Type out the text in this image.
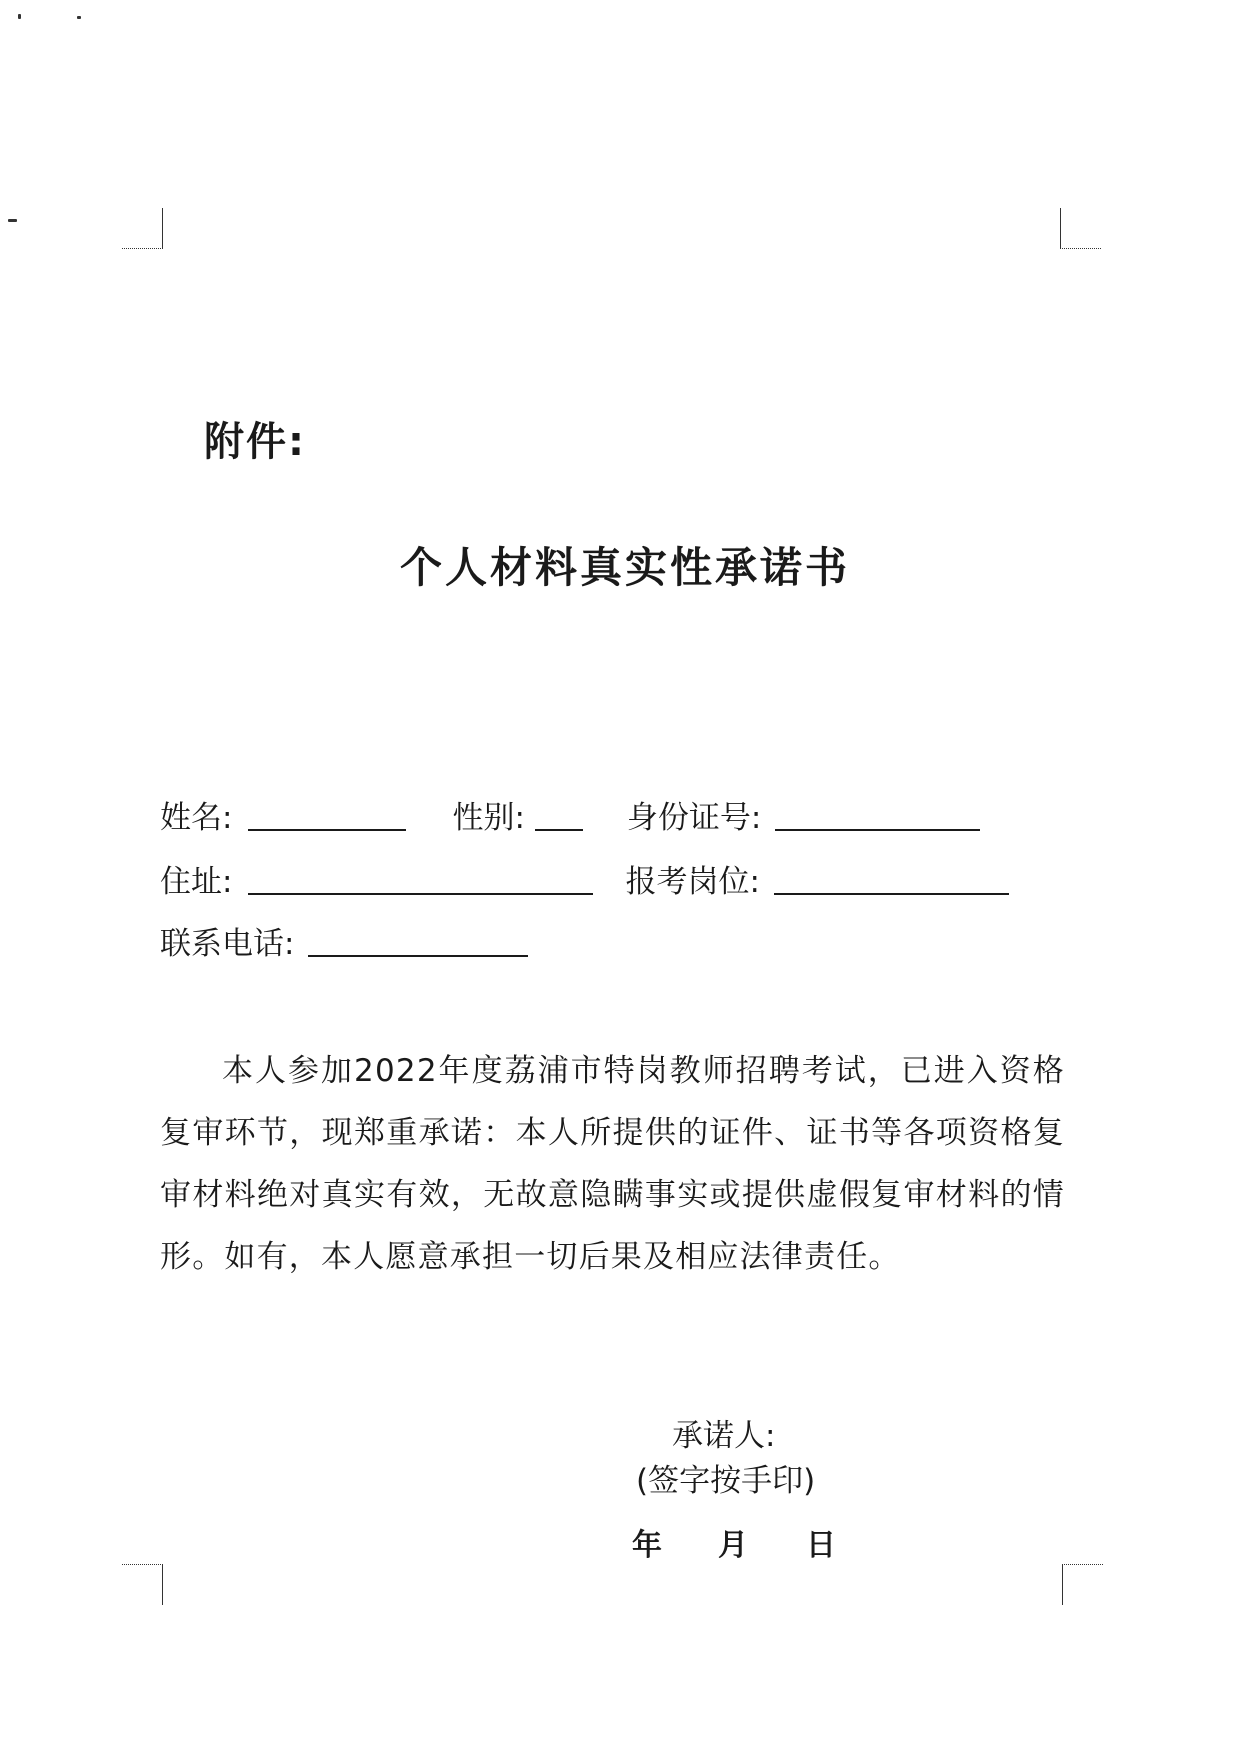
附件:
个人材料真实性承诺书
姓名:	性别:	身份证号:
住址:	报考岗位:
联系电话:
本人参加2022年度荔浦市特岗教师招聘考试，已进入资格复审环节，现郑重承诺：本人所提供的证件、证书等各项资格复审材料绝对真实有效，无故意隐瞒事实或提供虚假复审材料的情形。如有，本人愿意承担一切后果及相应法律责任。
承诺人:
(签字按手印)
年 月 日
